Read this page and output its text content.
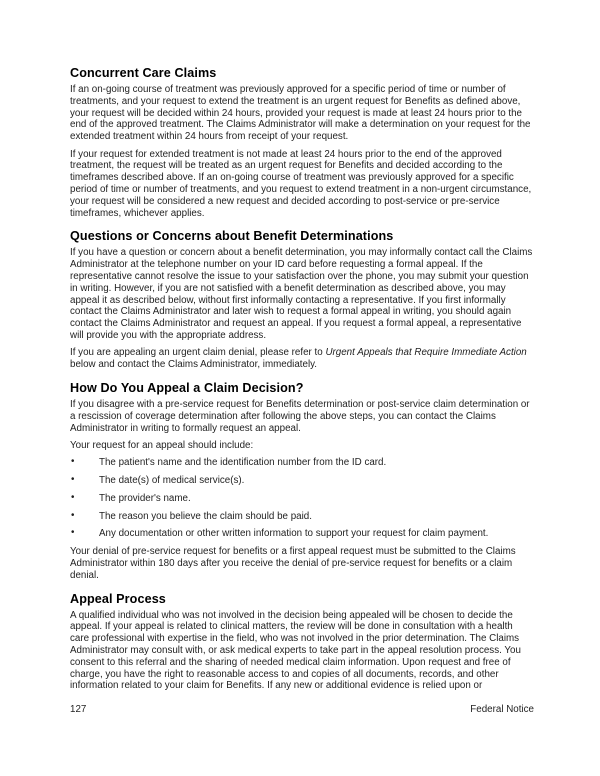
Concurrent Care Claims

If an on-going course of treatment was previously approved for a specific period of time or number of treatments, and your request to extend the treatment is an urgent request for Benefits as defined above, your request will be decided within 24 hours, provided your request is made at least 24 hours prior to the end of the approved treatment. The Claims Administrator will make a determination on your request for the extended treatment within 24 hours from receipt of your request.

If your request for extended treatment is not made at least 24 hours prior to the end of the approved treatment, the request will be treated as an urgent request for Benefits and decided according to the timeframes described above. If an on-going course of treatment was previously approved for a specific period of time or number of treatments, and you request to extend treatment in a non-urgent circumstance, your request will be considered a new request and decided according to post-service or pre-service timeframes, whichever applies.

Questions or Concerns about Benefit Determinations

If you have a question or concern about a benefit determination, you may informally contact call the Claims Administrator at the telephone number on your ID card before requesting a formal appeal. If the representative cannot resolve the issue to your satisfaction over the phone, you may submit your question in writing. However, if you are not satisfied with a benefit determination as described above, you may appeal it as described below, without first informally contacting a representative. If you first informally contact the Claims Administrator and later wish to request a formal appeal in writing, you should again contact the Claims Administrator and request an appeal. If you request a formal appeal, a representative will provide you with the appropriate address.

If you are appealing an urgent claim denial, please refer to Urgent Appeals that Require Immediate Action below and contact the Claims Administrator, immediately.

How Do You Appeal a Claim Decision?

If you disagree with a pre-service request for Benefits determination or post-service claim determination or a rescission of coverage determination after following the above steps, you can contact the Claims Administrator in writing to formally request an appeal.

Your request for an appeal should include:

•	The patient's name and the identification number from the ID card.
•	The date(s) of medical service(s).
•	The provider's name.
•	The reason you believe the claim should be paid.
•	Any documentation or other written information to support your request for claim payment.

Your denial of pre-service request for benefits or a first appeal request must be submitted to the Claims Administrator within 180 days after you receive the denial of pre-service request for benefits or a claim denial.

Appeal Process

A qualified individual who was not involved in the decision being appealed will be chosen to decide the appeal. If your appeal is related to clinical matters, the review will be done in consultation with a health care professional with expertise in the field, who was not involved in the prior determination. The Claims Administrator may consult with, or ask medical experts to take part in the appeal resolution process. You consent to this referral and the sharing of needed medical claim information. Upon request and free of charge, you have the right to reasonable access to and copies of all documents, records, and other information related to your claim for Benefits. If any new or additional evidence is relied upon or

127	Federal Notice
